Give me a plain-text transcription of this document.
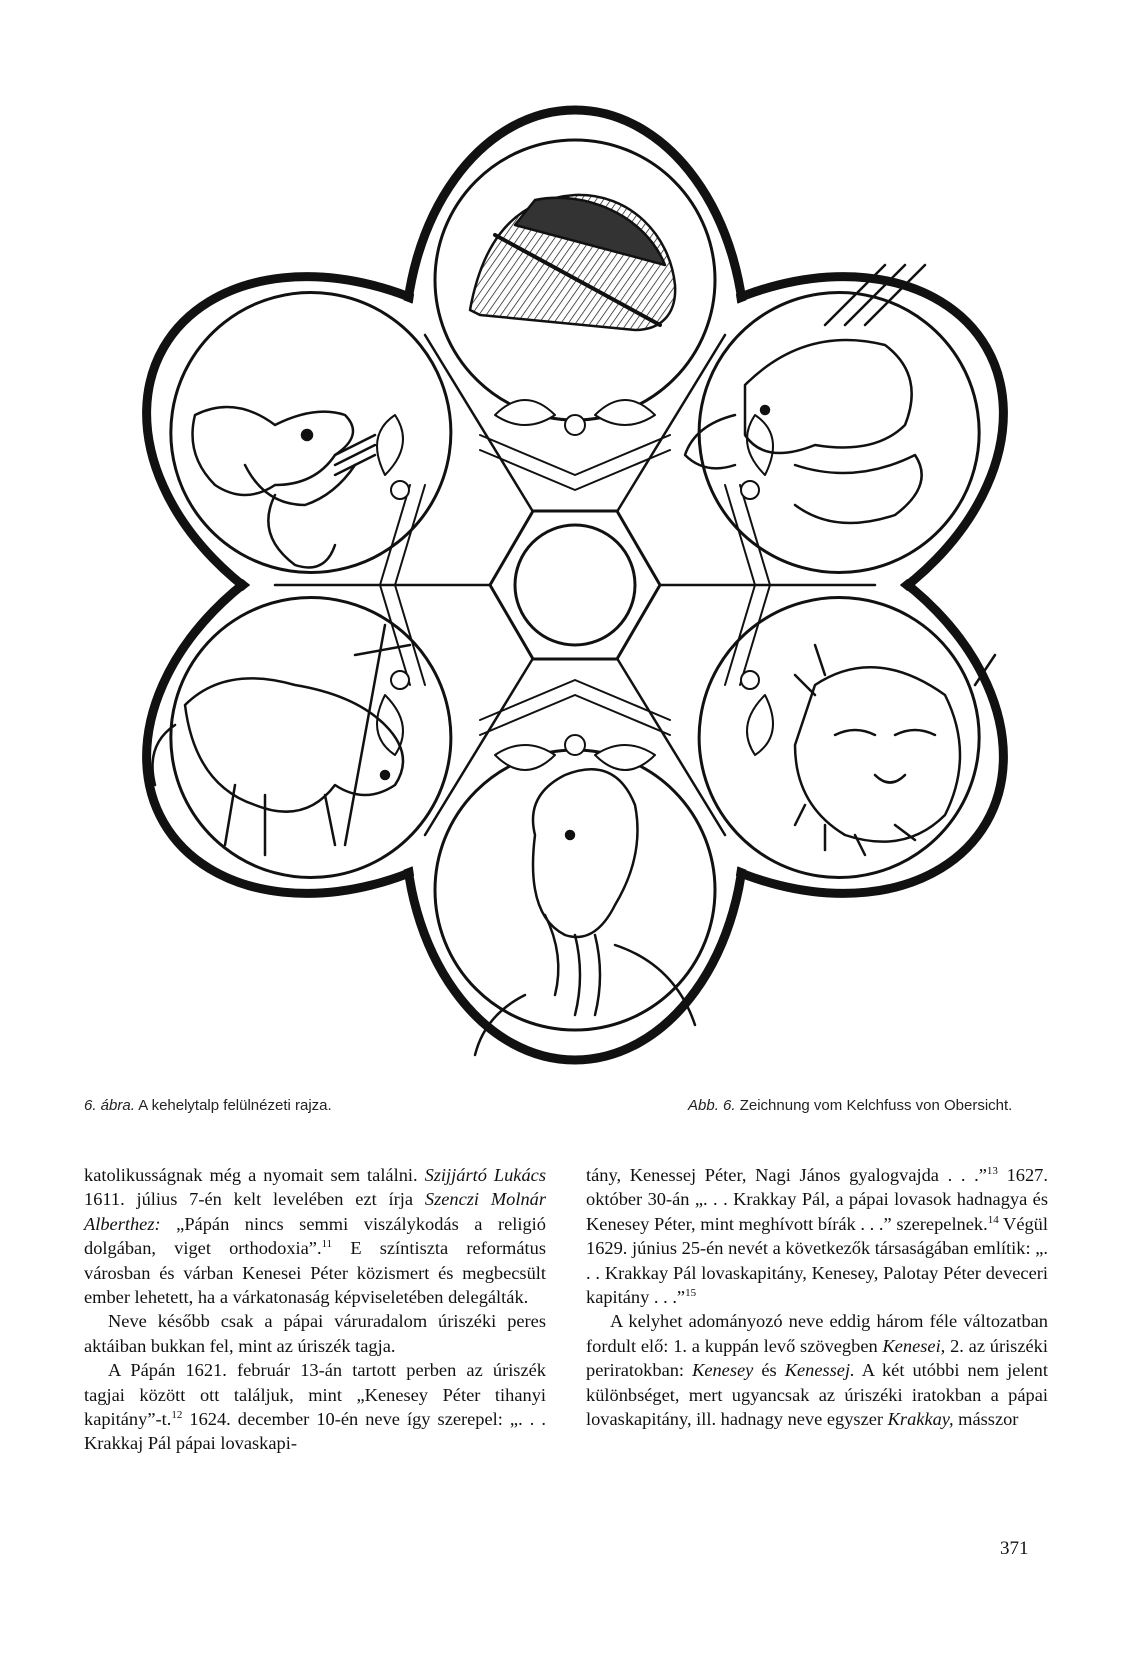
6. ábra. A kehelytalp felülnézeti rajza.	Abb. 6. Zeichnung vom Kelchfuss von Obersicht.

katolikusságnak még a nyomait sem találni. Szijjártó Lukács 1611. július 7-én kelt levelében ezt írja Szenczi Molnár Alberthez: „Pápán nincs semmi viszálykodás a religió dolgában, viget orthodoxia”.$^{11}$ E színtiszta református városban és várban Kenesei Péter közismert és megbecsült ember lehetett, ha a várkatonaság képviseletében delegálták.

Neve később csak a pápai váruradalom úriszéki peres aktáiban bukkan fel, mint az úriszék tagja.

A Pápán 1621. február 13-án tartott perben az úriszék tagjai között ott találjuk, mint „Kenesey Péter tihanyi kapitány”-t.$^{12}$ 1624. december 10-én neve így szerepel: „. . . Krakkaj Pál pápai lovaskapi-

tány, Kenessej Péter, Nagi János gyalogvajda . . .”$^{13}$ 1627. október 30-án „. . . Krakkay Pál, a pápai lovasok hadnagya és Kenesey Péter, mint meghívott bírák . . .” szerepelnek.$^{14}$ Végül 1629. június 25-én nevét a következők társaságában említik: „. . . Krakkay Pál lovaskapitány, Kenesey, Palotay Péter deveceri kapitány . . .”$^{15}$

A kelyhet adományozó neve eddig három féle változatban fordult elő: 1. a kuppán levő szövegben Kenesei, 2. az úriszéki periratokban: Kenesey és Kenessej. A két utóbbi nem jelent különbséget, mert ugyancsak az úriszéki iratokban a pápai lovaskapitány, ill. hadnagy neve egyszer Krakkay, másszor

371
